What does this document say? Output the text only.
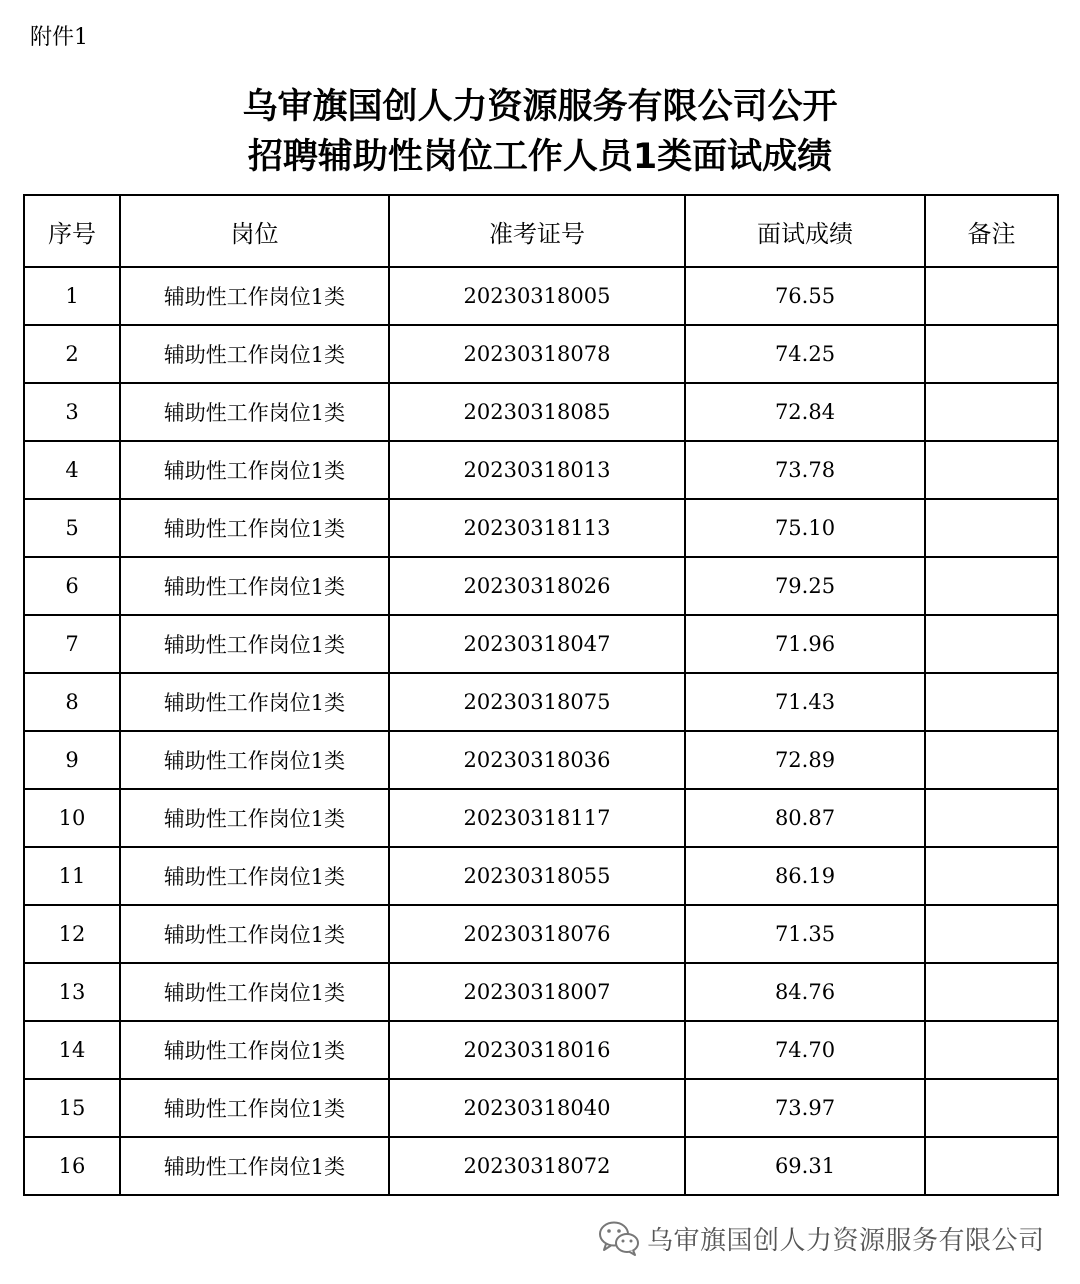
附件1
乌审旗国创人力资源服务有限公司公开
招聘辅助性岗位工作人员1类面试成绩
序号	岗位	准考证号	面试成绩	备注
1	辅助性工作岗位1类	20230318005	76.55	
2	辅助性工作岗位1类	20230318078	74.25	
3	辅助性工作岗位1类	20230318085	72.84	
4	辅助性工作岗位1类	20230318013	73.78	
5	辅助性工作岗位1类	20230318113	75.10	
6	辅助性工作岗位1类	20230318026	79.25	
7	辅助性工作岗位1类	20230318047	71.96	
8	辅助性工作岗位1类	20230318075	71.43	
9	辅助性工作岗位1类	20230318036	72.89	
10	辅助性工作岗位1类	20230318117	80.87	
11	辅助性工作岗位1类	20230318055	86.19	
12	辅助性工作岗位1类	20230318076	71.35	
13	辅助性工作岗位1类	20230318007	84.76	
14	辅助性工作岗位1类	20230318016	74.70	
15	辅助性工作岗位1类	20230318040	73.97	
16	辅助性工作岗位1类	20230318072	69.31	
乌审旗国创人力资源服务有限公司
